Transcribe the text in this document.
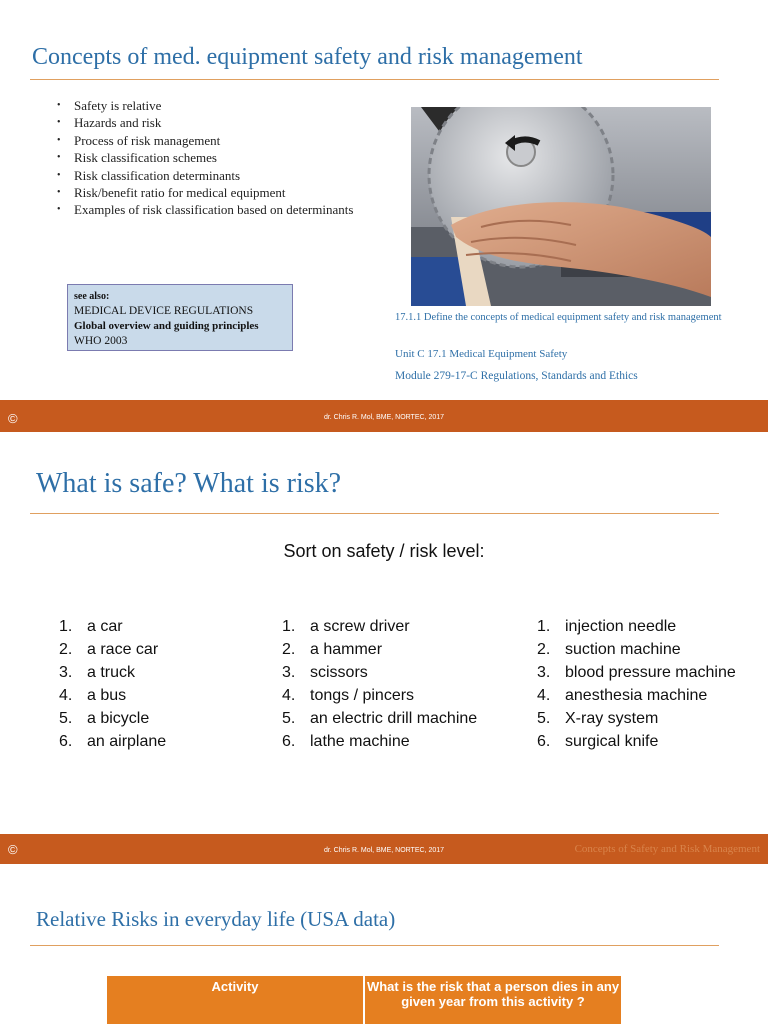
Concepts of med. equipment safety and risk management
• Safety is relative
• Hazards and risk
• Process of risk management
• Risk classification schemes
• Risk classification determinants
• Risk/benefit ratio for medical equipment
• Examples of risk classification based on determinants
see also:
MEDICAL DEVICE REGULATIONS
Global overview and guiding principles
WHO 2003
17.1.1 Define the concepts of medical equipment safety and risk management
Unit C 17.1 Medical Equipment Safety
Module 279-17-C Regulations, Standards and Ethics
©	dr. Chris R. Mol, BME, NORTEC, 2017
What is safe? What is risk?
Sort on safety / risk level:
1. a car
2. a race car
3. a truck
4. a bus
5. a bicycle
6. an airplane
1. a screw driver
2. a hammer
3. scissors
4. tongs / pincers
5. an electric drill machine
6. lathe machine
1. injection needle
2. suction machine
3. blood pressure machine
4. anesthesia machine
5. X-ray system
6. surgical knife
©	dr. Chris R. Mol, BME, NORTEC, 2017	Concepts of Safety and Risk Management
Relative Risks in everyday life (USA data)
Activity	What is the risk that a person dies in any given year from this activity ?
